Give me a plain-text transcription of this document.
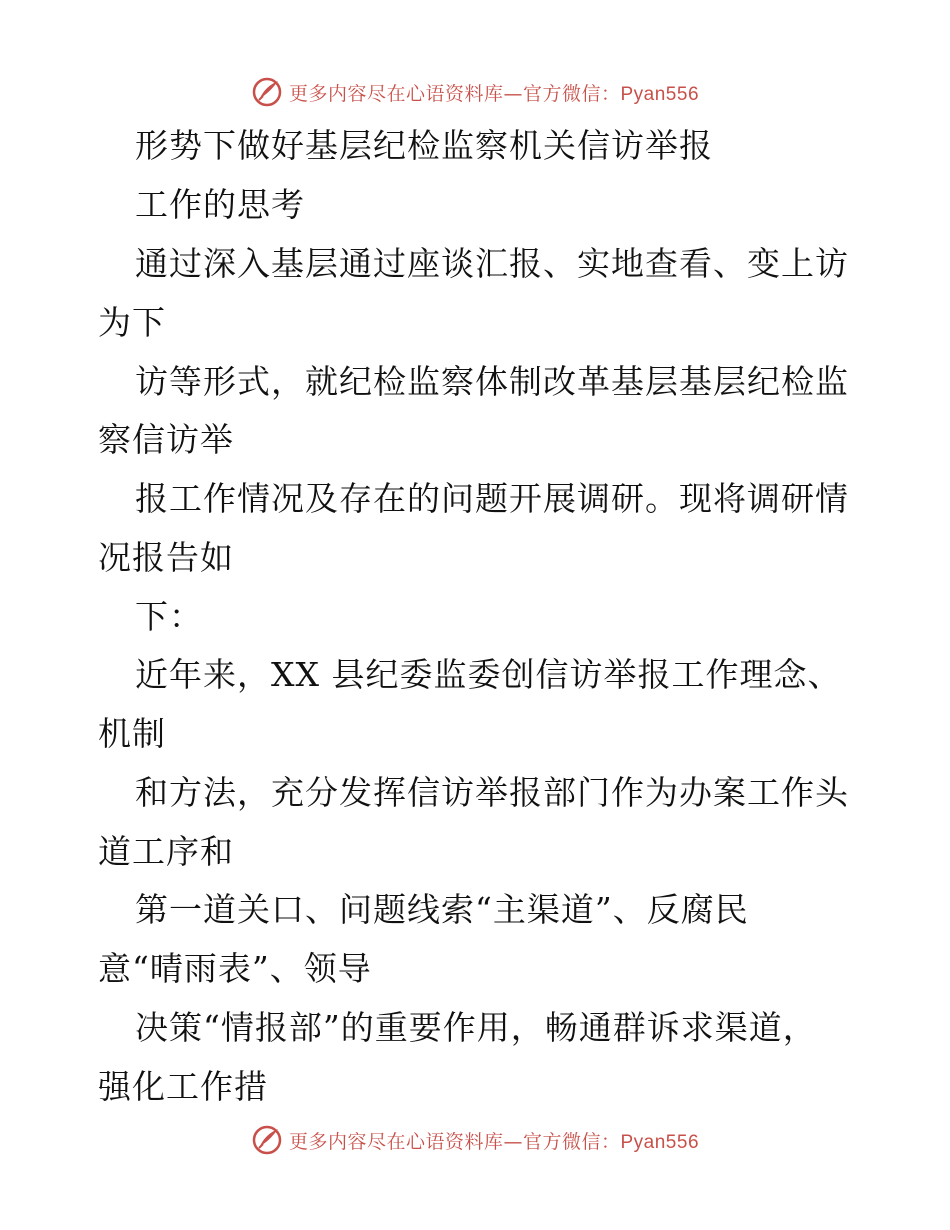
更多内容尽在心语资料库—官方微信：Pyan556
形势下做好基层纪检监察机关信访举报
工作的思考
通过深入基层通过座谈汇报、实地查看、变上访
为下
访等形式，就纪检监察体制改革基层基层纪检监
察信访举
报工作情况及存在的问题开展调研。现将调研情
况报告如
下：
近年来，XX 县纪委监委创信访举报工作理念、
机制
和方法，充分发挥信访举报部门作为办案工作头
道工序和
第一道关口、问题线索“主渠道”、反腐民
意“晴雨表”、领导
决策“情报部”的重要作用，畅通群诉求渠道，
强化工作措
更多内容尽在心语资料库—官方微信：Pyan556
